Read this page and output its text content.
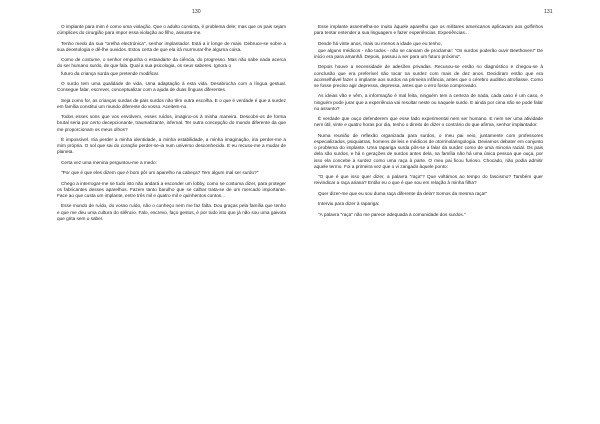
130

O implante para mim é como uma violação. Que o adulto consinta, é problema dele; mas que os pais sejam cúmplices do cirurgião para impor essa violação ao filho, assusta-me.

Tenho medo da sua "orelha electrónica", senhor implantador. Está a ir longe de mais. Debruce-se sobre a sua deontologia e dê-lhe ouvidos. Estou certa de que ela irá murmurar-lhe alguma coisa.

Como de costume, o senhor empunha o estandarte da ciência, do progresso. Mas não sabe nada acerca do ser humano surdo, de que fala. Qual a sua psicologia, os seus saberes. Ignora o

futuro da criança surda que pretende modificar.

O surdo tem uma qualidade de vida. Uma adaptação à esta vida. Desabrocha com a língua gestual. Consegue falar, escrever, conceptualizar com a ajuda de duas línguas diferentes.

Seja como for, as crianças surdas de pais surdos não têm outra escolha. E o que é verdade é que a surdez em família constitui um mundo diferente do vosso. Aceitem-no.

Todos esses sons que vos envolvem, esses ruídos, imagino-os à minha maneira. Descobri-os de forma brutal seria por certo decepcionante, traumatizante, infernal. Ter outra concepção do mundo diferente da que me proporcionam os meus olhos?

É impossível. Iria perder a minha identidade, a minha estabilidade, a minha imaginação, iria perder-me a mim própria. O sol que sai do coração perder-se-ia num universo desconhecido. E eu recuso-me a mudar de planeta.

Certa vez uma menina perguntou-me a medo:

"Por que é que eles dizem que é bom pôr um aparelho na cabeça? Tem algum mal ser surdo?"

Chego a interrogar-me se tudo isto não andará a esconder um lobby, como se costuma dizer, para proteger os fabricantes desses aparelhos. Fazem tanto barulho que se calhar trata-se de um mercado importante. Face ao que custa um implante, entre três mil e quatro mil e quinhentos contos...

Esse mundo de ruído, do vosso ruído, não o conheço nem me faz falta. Dou graças pela família que tenho e que me deu uma cultura do silêncio. Falo, escrevo, faço gestos, é por tudo isto que já não sou uma gaivota que grita sem o saber.

131

Esse implante assemelha-se muito àquele aparelho que os militares americanos aplicavam aos golfinhos para tentar entender a sua linguagem e fazer experiências. Experiências...

Desde há vinte anos, mais ou menos a idade que eu tenho,

que alguns médicos - não todos - não se cansam de proclamar: "Os surdos poderão ouvir Beethoven!" De início era para amanhã. Depois, passou a ser para um futuro próximo".

Depois houve a necessidade de adesões privadas. Recusou-se então no diagnóstico e chegou-se à conclusão que era preferível não tocar na surdez com mais de dez anos. Decidiram então que era aconselhável fazer o implante aos surdos na primeira infância, antes que o cérebro auditivo atrofiasse. Como se fosse preciso agir depressa, depressa, antes que o erro fosse comprovado.

As ideias vão e vêm, a informação é mal feita, ninguém tem a certeza de nada, cada caso é um caso, e ninguém pode jurar que a experiência vai resultar neste ou naquele surdo. E ainda por cima não se pode falar no assunto?

É verdade que ouço defenderem que esse lado experimental nem ser humano. E nem ser uma atividade nem útil, vinte e quatro horas por dia, tenho o direito de dizer o contrário do que afirma, senhor implantador.

Numa reunião de reflexão organizada para surdos, o meu pai veio, juntamente com professores especializados, psiquiatras, homens de leis e médicos de otorrinolaringologia. Deviamos debater em conjunto o problema do implante. Uma rapariga surda pôs-se a falar da surdez como de uma minoria racial. Os pais dela são surdos, e há n gerações de surdos antes dela, na família não há uma única pessoa que ouça, por isso ela concebe a surdez como uma raça à parte. O meu pai ficou furioso. Chocado, não podia admitir aquele termo. Foi a primeira vez que o vi zangado àquele ponto:

"O que é que isso quer dizer, a palavra "raça"? Que voltámos ao tempo do fascismo? Também quer reivindicar a raça ariana? Então eu o que é que sou em relação à minha filha?

Quer dizer-me que eu sou duma raça diferente da dela? Somos da mesma raça!"

Interviu para dizer à rapariga:

"A palavra "raça" não me parece adequada à comunidade dos surdos."
